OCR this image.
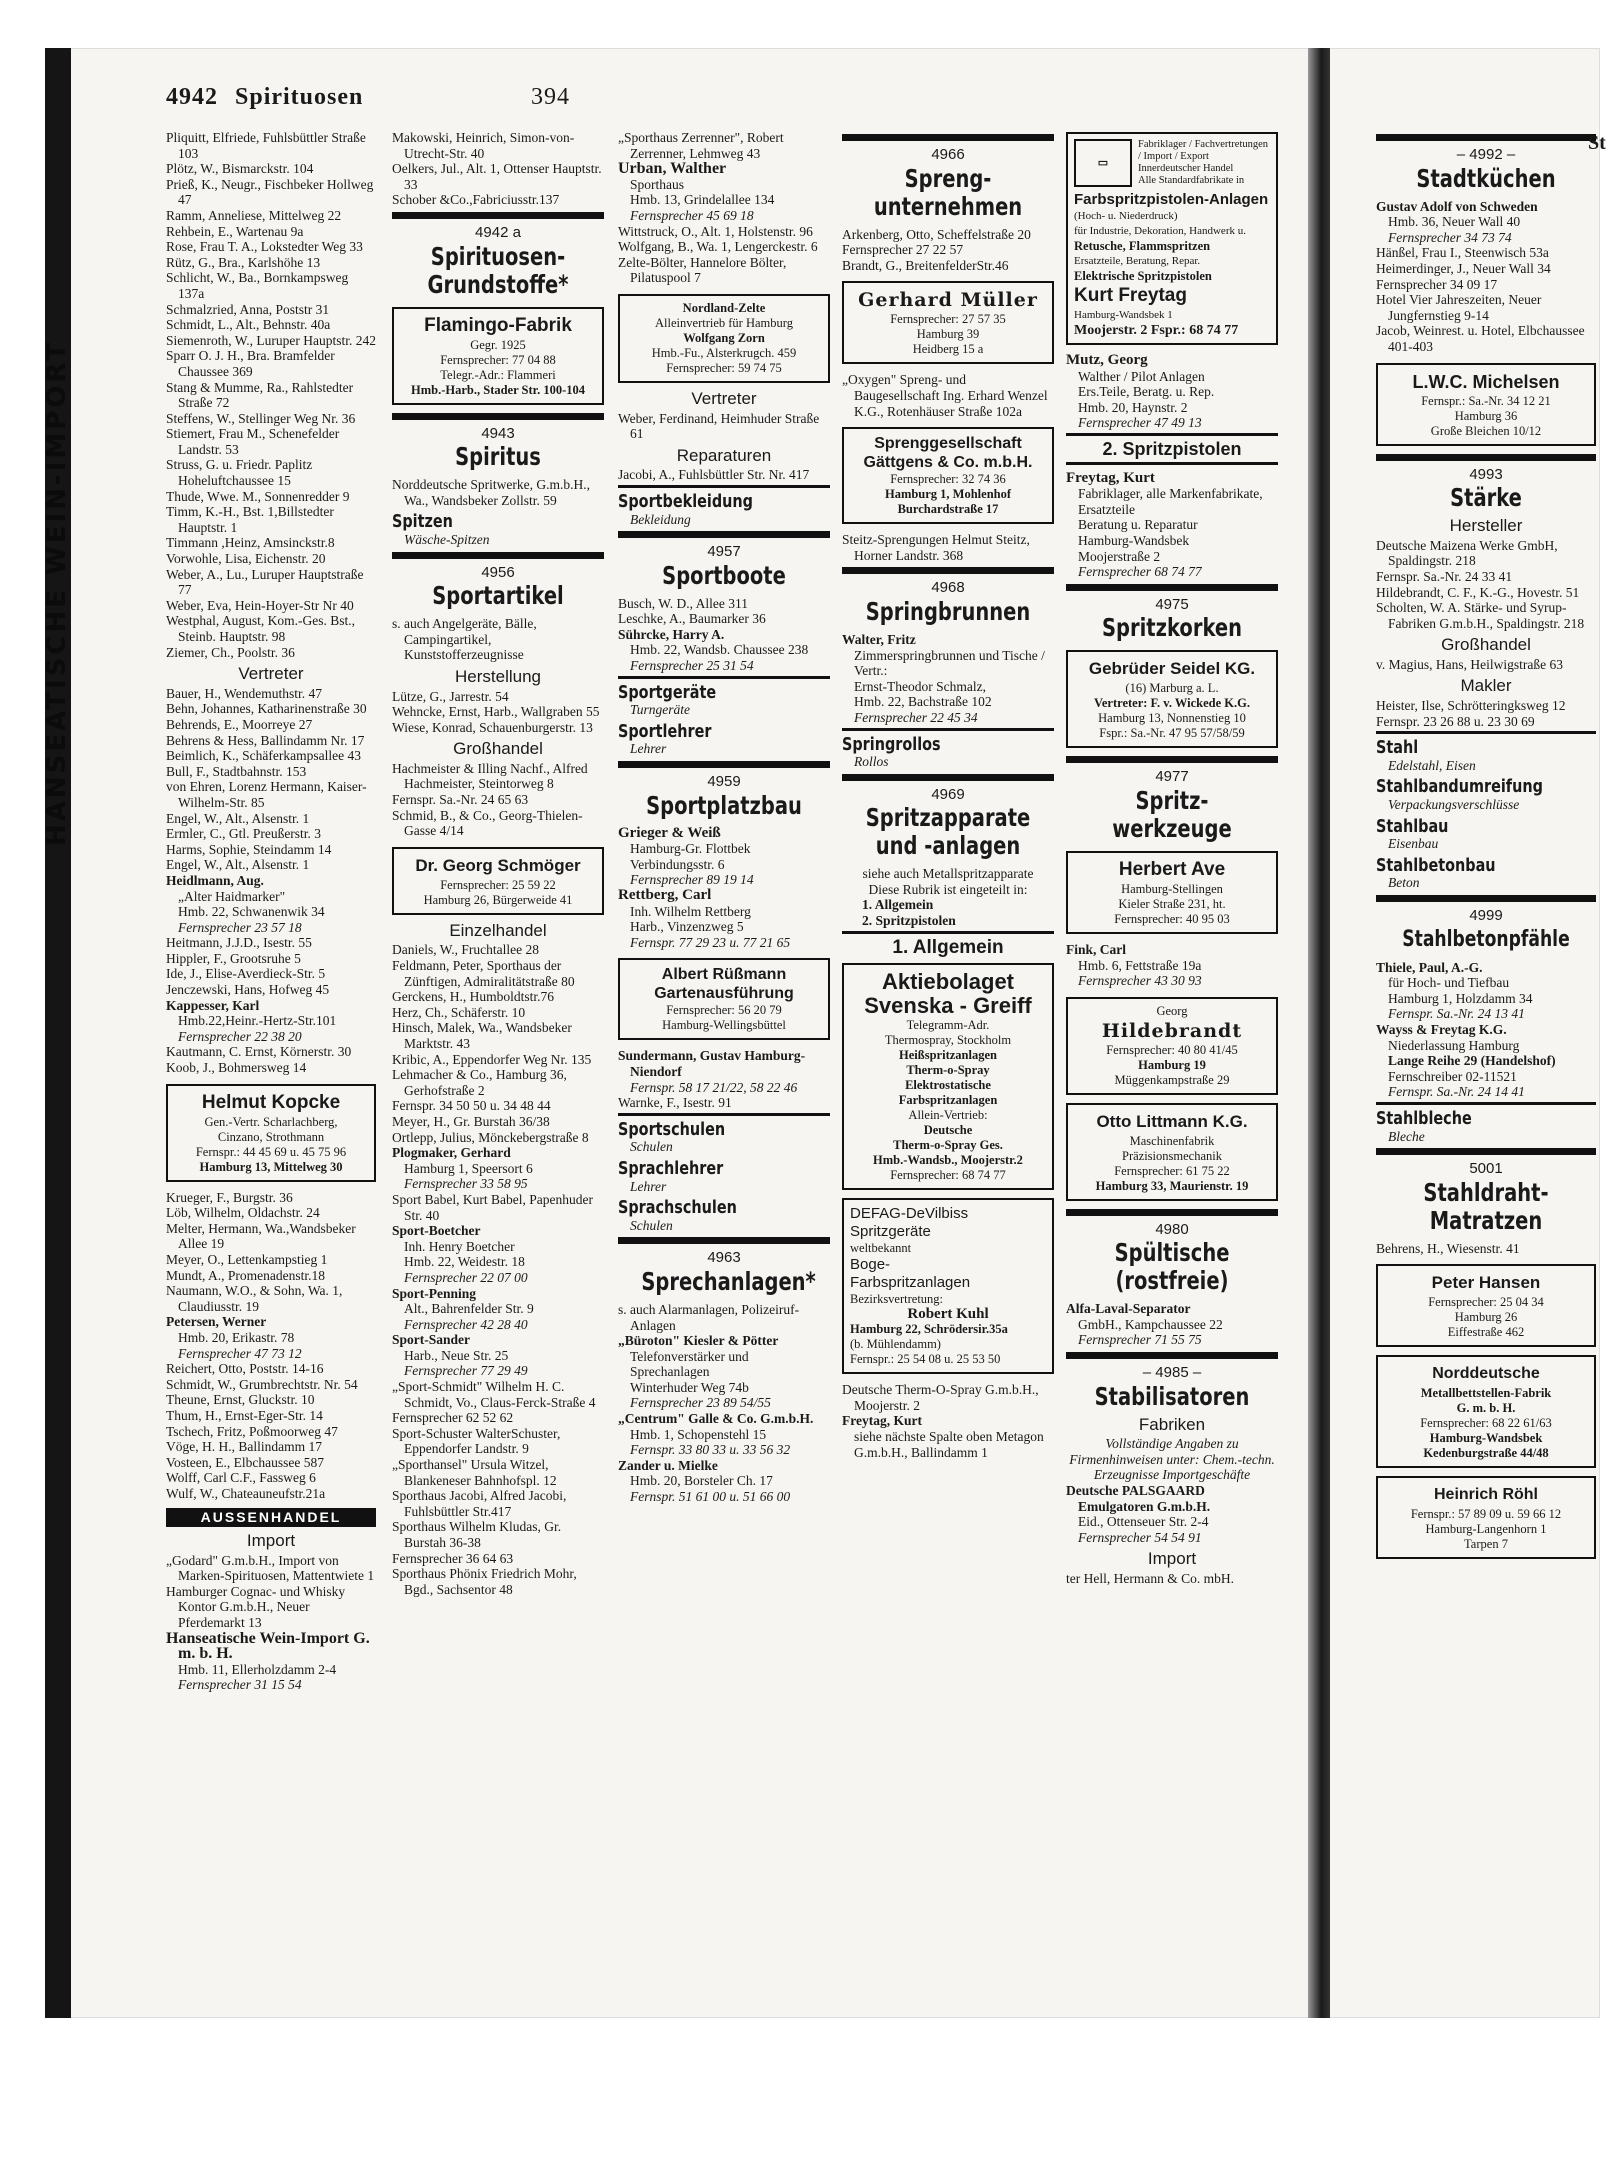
HANSEATISCHE WEIN-IMPORT
4942 Spirituosen	394

Pliquitt, Elfriede, Fuhlsbüttler Straße 103

Plötz, W., Bismarckstr. 104

Prieß, K., Neugr., Fischbeker Hollweg 47

Ramm, Anneliese, Mittelweg 22

Rehbein, E., Wartenau 9a

Rose, Frau T. A., Lokstedter Weg 33

Rütz, G., Bra., Karlshöhe 13

Schlicht, W., Ba., Bornkampsweg 137a

Schmalzried, Anna, Poststr 31

Schmidt, L., Alt., Behnstr. 40a

Siemenroth, W., Luruper Hauptstr. 242

Sparr O. J. H., Bra. Bramfelder Chaussee 369

Stang & Mumme, Ra., Rahlstedter Straße 72

Steffens, W., Stellinger Weg Nr. 36

Stiemert, Frau M., Schenefelder Landstr. 53

Struss, G. u. Friedr. Paplitz Hoheluftchaussee 15

Thude, Wwe. M., Sonnenredder 9

Timm, K.-H., Bst. 1,Billstedter Hauptstr. 1

Timmann ,Heinz, Amsinckstr.8

Vorwohle, Lisa, Eichenstr. 20

Weber, A., Lu., Luruper Hauptstraße 77

Weber, Eva, Hein-Hoyer-Str Nr 40

Westphal, August, Kom.-Ges. Bst., Steinb. Hauptstr. 98

Ziemer, Ch., Poolstr. 36

Vertreter

Bauer, H., Wendemuthstr. 47

Behn, Johannes, Katharinenstraße 30

Behrends, E., Moorreye 27

Behrens & Hess, Ballindamm Nr. 17

Beimlich, K., Schäferkampsallee 43

Bull, F., Stadtbahnstr. 153

von Ehren, Lorenz Hermann, Kaiser-Wilhelm-Str. 85

Engel, W., Alt., Alsenstr. 1

Ermler, C., Gtl. Preußerstr. 3

Harms, Sophie, Steindamm 14

Engel, W., Alt., Alsenstr. 1

Heidlmann, Aug.

„Alter Haidmarker"

Hmb. 22, Schwanenwik 34

Fernsprecher 23 57 18

Heitmann, J.J.D., Isestr. 55

Hippler, F., Grootsruhe 5

Ide, J., Elise-Averdieck-Str. 5

Jenczewski, Hans, Hofweg 45

Kappesser, Karl

Hmb.22,Heinr.-Hertz-Str.101

Fernsprecher 22 38 20

Kautmann, C. Ernst, Körnerstr. 30

Koob, J., Bohmersweg 14

Helmut Kopcke
Gen.-Vertr. Scharlachberg,
Cinzano, Strothmann
Fernspr.: 44 45 69 u. 45 75 96
Hamburg 13, Mittelweg 30

Krueger, F., Burgstr. 36

Löb, Wilhelm, Oldachstr. 24

Melter, Hermann, Wa.,Wandsbeker Allee 19

Meyer, O., Lettenkampstieg 1

Mundt, A., Promenadenstr.18

Naumann, W.O., & Sohn, Wa. 1, Claudiusstr. 19

Petersen, Werner

Hmb. 20, Erikastr. 78

Fernsprecher 47 73 12

Reichert, Otto, Poststr. 14-16

Schmidt, W., Grumbrechtstr. Nr. 54

Theune, Ernst, Gluckstr. 10

Thum, H., Ernst-Eger-Str. 14

Tschech, Fritz, Poßmoorweg 47

Vöge, H. H., Ballindamm 17

Vosteen, E., Elbchaussee 587

Wolff, Carl C.F., Fassweg 6

Wulf, W., Chateauneufstr.21a

AUSSENHANDEL
Import

„Godard" G.m.b.H., Import von Marken-Spirituosen, Mattentwiete 1

Hamburger Cognac- und Whisky Kontor G.m.b.H., Neuer Pferdemarkt 13

Hanseatische Wein-Import G. m. b. H.

Hmb. 11, Ellerholzdamm 2-4

Fernsprecher 31 15 54

Makowski, Heinrich, Simon-von-Utrecht-Str. 40

Oelkers, Jul., Alt. 1, Ottenser Hauptstr. 33

Schober &Co.,Fabriciusstr.137

4942 a
Spirituosen-Grundstoffe*
Flamingo-Fabrik
Gegr. 1925
Fernsprecher: 77 04 88
Telegr.-Adr.: Flammeri
Hmb.-Harb., Stader Str. 100-104
4943
Spiritus

Norddeutsche Spritwerke, G.m.b.H., Wa., Wandsbeker Zollstr. 59

Spitzen

Wäsche-Spitzen

4956
Sportartikel

s. auch Angelgeräte, Bälle, Campingartikel, Kunststofferzeugnisse

Herstellung

Lütze, G., Jarrestr. 54

Wehncke, Ernst, Harb., Wallgraben 55

Wiese, Konrad, Schauenburgerstr. 13

Großhandel

Hachmeister & Illing Nachf., Alfred Hachmeister, Steintorweg 8

Fernspr. Sa.-Nr. 24 65 63

Schmid, B., & Co., Georg-Thielen-Gasse 4/14

Dr. Georg Schmöger
Fernsprecher: 25 59 22
Hamburg 26, Bürgerweide 41
Einzelhandel

Daniels, W., Fruchtallee 28

Feldmann, Peter, Sporthaus der Zünftigen, Admiralitätstraße 80

Gerckens, H., Humboldtstr.76

Herz, Ch., Schäferstr. 10

Hinsch, Malek, Wa., Wandsbeker Marktstr. 43

Kribic, A., Eppendorfer Weg Nr. 135

Lehmacher & Co., Hamburg 36, Gerhofstraße 2

Fernspr. 34 50 50 u. 34 48 44

Meyer, H., Gr. Burstah 36/38

Ortlepp, Julius, Mönckebergstraße 8

Plogmaker, Gerhard

Hamburg 1, Speersort 6

Fernsprecher 33 58 95

Sport Babel, Kurt Babel, Papenhuder Str. 40

Sport-Boetcher

Inh. Henry Boetcher

Hmb. 22, Weidestr. 18

Fernsprecher 22 07 00

Sport-Penning

Alt., Bahrenfelder Str. 9

Fernsprecher 42 28 40

Sport-Sander

Harb., Neue Str. 25

Fernsprecher 77 29 49

„Sport-Schmidt" Wilhelm H. C. Schmidt, Vo., Claus-Ferck-Straße 4

Fernsprecher 62 52 62

Sport-Schuster WalterSchuster, Eppendorfer Landstr. 9

„Sporthansel" Ursula Witzel, Blankeneser Bahnhofspl. 12

Sporthaus Jacobi, Alfred Jacobi, Fuhlsbüttler Str.417

Sporthaus Wilhelm Kludas, Gr. Burstah 36-38

Fernsprecher 36 64 63

Sporthaus Phönix Friedrich Mohr, Bgd., Sachsentor 48

„Sporthaus Zerrenner", Robert Zerrenner, Lehmweg 43

Urban, Walther

Sporthaus

Hmb. 13, Grindelallee 134

Fernsprecher 45 69 18

Wittstruck, O., Alt. 1, Holstenstr. 96

Wolfgang, B., Wa. 1, Lengerckestr. 6

Zelte-Bölter, Hannelore Bölter, Pilatuspool 7

Nordland-Zelte
Alleinvertrieb für Hamburg
Wolfgang Zorn
Hmb.-Fu., Alsterkrugch. 459
Fernsprecher: 59 74 75
Vertreter

Weber, Ferdinand, Heimhuder Straße 61

Reparaturen

Jacobi, A., Fuhlsbüttler Str. Nr. 417

Sportbekleidung

Bekleidung

4957
Sportboote

Busch, W. D., Allee 311

Leschke, A., Baumarker 36

Sührcke, Harry A.

Hmb. 22, Wandsb. Chaussee 238

Fernsprecher 25 31 54

Sportgeräte

Turngeräte

Sportlehrer

Lehrer

4959
Sportplatzbau
Grieger & Weiß

Hamburg-Gr. Flottbek

Verbindungsstr. 6

Fernsprecher 89 19 14

Rettberg, Carl

Inh. Wilhelm Rettberg

Harb., Vinzenzweg 5

Fernspr. 77 29 23 u. 77 21 65

Albert Rüßmann
Gartenausführung
Fernsprecher: 56 20 79
Hamburg-Wellingsbüttel
Sundermann, Gustav Hamburg-Niendorf

Fernspr. 58 17 21/22, 58 22 46

Warnke, F., Isestr. 91

Sportschulen

Schulen

Sprachlehrer

Lehrer

Sprachschulen

Schulen

4963
Sprechanlagen*

s. auch Alarmanlagen, Polizeiruf-Anlagen

„Büroton" Kiesler & Pötter

Telefonverstärker und Sprechanlagen

Winterhuder Weg 74b

Fernsprecher 23 89 54/55

„Centrum" Galle & Co. G.m.b.H.

Hmb. 1, Schopenstehl 15

Fernspr. 33 80 33 u. 33 56 32

Zander u. Mielke

Hmb. 20, Borsteler Ch. 17

Fernspr. 51 61 00 u. 51 66 00

4966
Spreng-unternehmen

Arkenberg, Otto, Scheffelstraße 20

Fernsprecher 27 22 57

Brandt, G., BreitenfelderStr.46

Gerhard Müller
Fernsprecher: 27 57 35
Hamburg 39
Heidberg 15 a

„Oxygen" Spreng- und Baugesellschaft Ing. Erhard Wenzel K.G., Rotenhäuser Straße 102a

Sprenggesellschaft Gättgens & Co. m.b.H.
Fernsprecher: 32 74 36
Hamburg 1, Mohlenhof
Burchardstraße 17

Steitz-Sprengungen Helmut Steitz, Horner Landstr. 368

4968
Springbrunnen
Walter, Fritz

Zimmerspringbrunnen und Tische / Vertr.:

Ernst-Theodor Schmalz,

Hmb. 22, Bachstraße 102

Fernsprecher 22 45 34

Springrollos

Rollos

4969
Spritzapparate und -anlagen

siehe auch Metallspritzapparate

Diese Rubrik ist eingeteilt in:

1. Allgemein

2. Spritzpistolen

1. Allgemein
Aktiebolaget
Svenska - Greiff
Telegramm-Adr.
Thermospray, Stockholm
Heißspritzanlagen
Therm-o-Spray
Elektrostatische
Farbspritzanlagen
Allein-Vertrieb:
Deutsche
Therm-o-Spray Ges.
Hmb.-Wandsb., Moojerstr.2
Fernsprecher: 68 74 77
DEFAG-DeVilbiss
Spritzgeräte
weltbekannt
Boge-
Farbspritzanlagen
Bezirksvertretung:
Robert Kuhl
Hamburg 22, Schrödersir.35a
(b. Mühlendamm)
Fernspr.: 25 54 08 u. 25 53 50

Deutsche Therm-O-Spray G.m.b.H., Moojerstr. 2

Freytag, Kurt

siehe nächste Spalte oben Metagon G.m.b.H., Ballindamm 1

▭
Fabriklager / Fachvertretungen / Import / Export
Innerdeutscher Handel
Alle Standardfabrikate in
Farbspritzpistolen-Anlagen
(Hoch- u. Niederdruck)
für Industrie, Dekoration, Handwerk u.
Retusche, Flammspritzen
Ersatzteile, Beratung, Repar.
Elektrische Spritzpistolen
Kurt Freytag
Hamburg-Wandsbek 1
Moojerstr. 2 Fspr.: 68 74 77
Mutz, Georg

Walther / Pilot Anlagen

Ers.Teile, Beratg. u. Rep.

Hmb. 20, Haynstr. 2

Fernsprecher 47 49 13

2. Spritzpistolen
Freytag, Kurt

Fabriklager, alle Markenfabrikate, Ersatzteile

Beratung u. Reparatur

Hamburg-Wandsbek

Moojerstraße 2

Fernsprecher 68 74 77

4975
Spritzkorken
Gebrüder Seidel KG.
(16) Marburg a. L.
Vertreter: F. v. Wickede K.G.
Hamburg 13, Nonnenstieg 10
Fspr.: Sa.-Nr. 47 95 57/58/59
4977
Spritz-werkzeuge
Herbert Ave
Hamburg-Stellingen
Kieler Straße 231, ht.
Fernsprecher: 40 95 03
Fink, Carl

Hmb. 6, Fettstraße 19a

Fernsprecher 43 30 93

Georg
Hildebrandt
Fernsprecher: 40 80 41/45
Hamburg 19
Müggenkampstraße 29
Otto Littmann K.G.
Maschinenfabrik
Präzisionsmechanik
Fernsprecher: 61 75 22
Hamburg 33, Maurienstr. 19
4980
Spültische (rostfreie)
Alfa-Laval-Separator

GmbH., Kampchaussee 22

Fernsprecher 71 55 75

– 4985 –
Stabilisatoren
Fabriken

Vollständige Angaben zu Firmenhinweisen unter: Chem.-techn. Erzeugnisse Importgeschäfte

Deutsche PALSGAARD Emulgatoren G.m.b.H.

Eid., Ottenseuer Str. 2-4

Fernsprecher 54 54 91

Import

ter Hell, Hermann & Co. mbH.

– 4992 –
Stadtküchen
Gustav Adolf von Schweden

Hmb. 36, Neuer Wall 40

Fernsprecher 34 73 74

Hänßel, Frau I., Steenwisch 53a

Heimerdinger, J., Neuer Wall 34

Fernsprecher 34 09 17

Hotel Vier Jahreszeiten, Neuer Jungfernstieg 9-14

Jacob, Weinrest. u. Hotel, Elbchaussee 401-403

L.W.C. Michelsen
Fernspr.: Sa.-Nr. 34 12 21
Hamburg 36
Große Bleichen 10/12
4993
Stärke
Hersteller

Deutsche Maizena Werke GmbH, Spaldingstr. 218

Fernspr. Sa.-Nr. 24 33 41

Hildebrandt, C. F., K.-G., Hovestr. 51

Scholten, W. A. Stärke- und Syrup-Fabriken G.m.b.H., Spaldingstr. 218

Großhandel

v. Magius, Hans, Heilwigstraße 63

Makler

Heister, Ilse, Schrötteringksweg 12

Fernspr. 23 26 88 u. 23 30 69

Stahl

Edelstahl, Eisen

Stahlbandumreifung

Verpackungsverschlüsse

Stahlbau

Eisenbau

Stahlbetonbau

Beton

4999
Stahlbetonpfähle
Thiele, Paul, A.-G.

für Hoch- und Tiefbau

Hamburg 1, Holzdamm 34

Fernspr. Sa.-Nr. 24 13 41

Wayss & Freytag K.G.

Niederlassung Hamburg

Lange Reihe 29 (Handelshof)

Fernschreiber 02-11521

Fernspr. Sa.-Nr. 24 14 41

Stahlbleche

Bleche

5001
Stahldraht-Matratzen

Behrens, H., Wiesenstr. 41

Peter Hansen
Fernsprecher: 25 04 34
Hamburg 26
Eiffestraße 462
Norddeutsche
Metallbettstellen-Fabrik
G. m. b. H.
Fernsprecher: 68 22 61/63
Hamburg-Wandsbek
Kedenburgstraße 44/48
Heinrich Röhl
Fernspr.: 57 89 09 u. 59 66 12
Hamburg-Langenhorn 1
Tarpen 7
St
